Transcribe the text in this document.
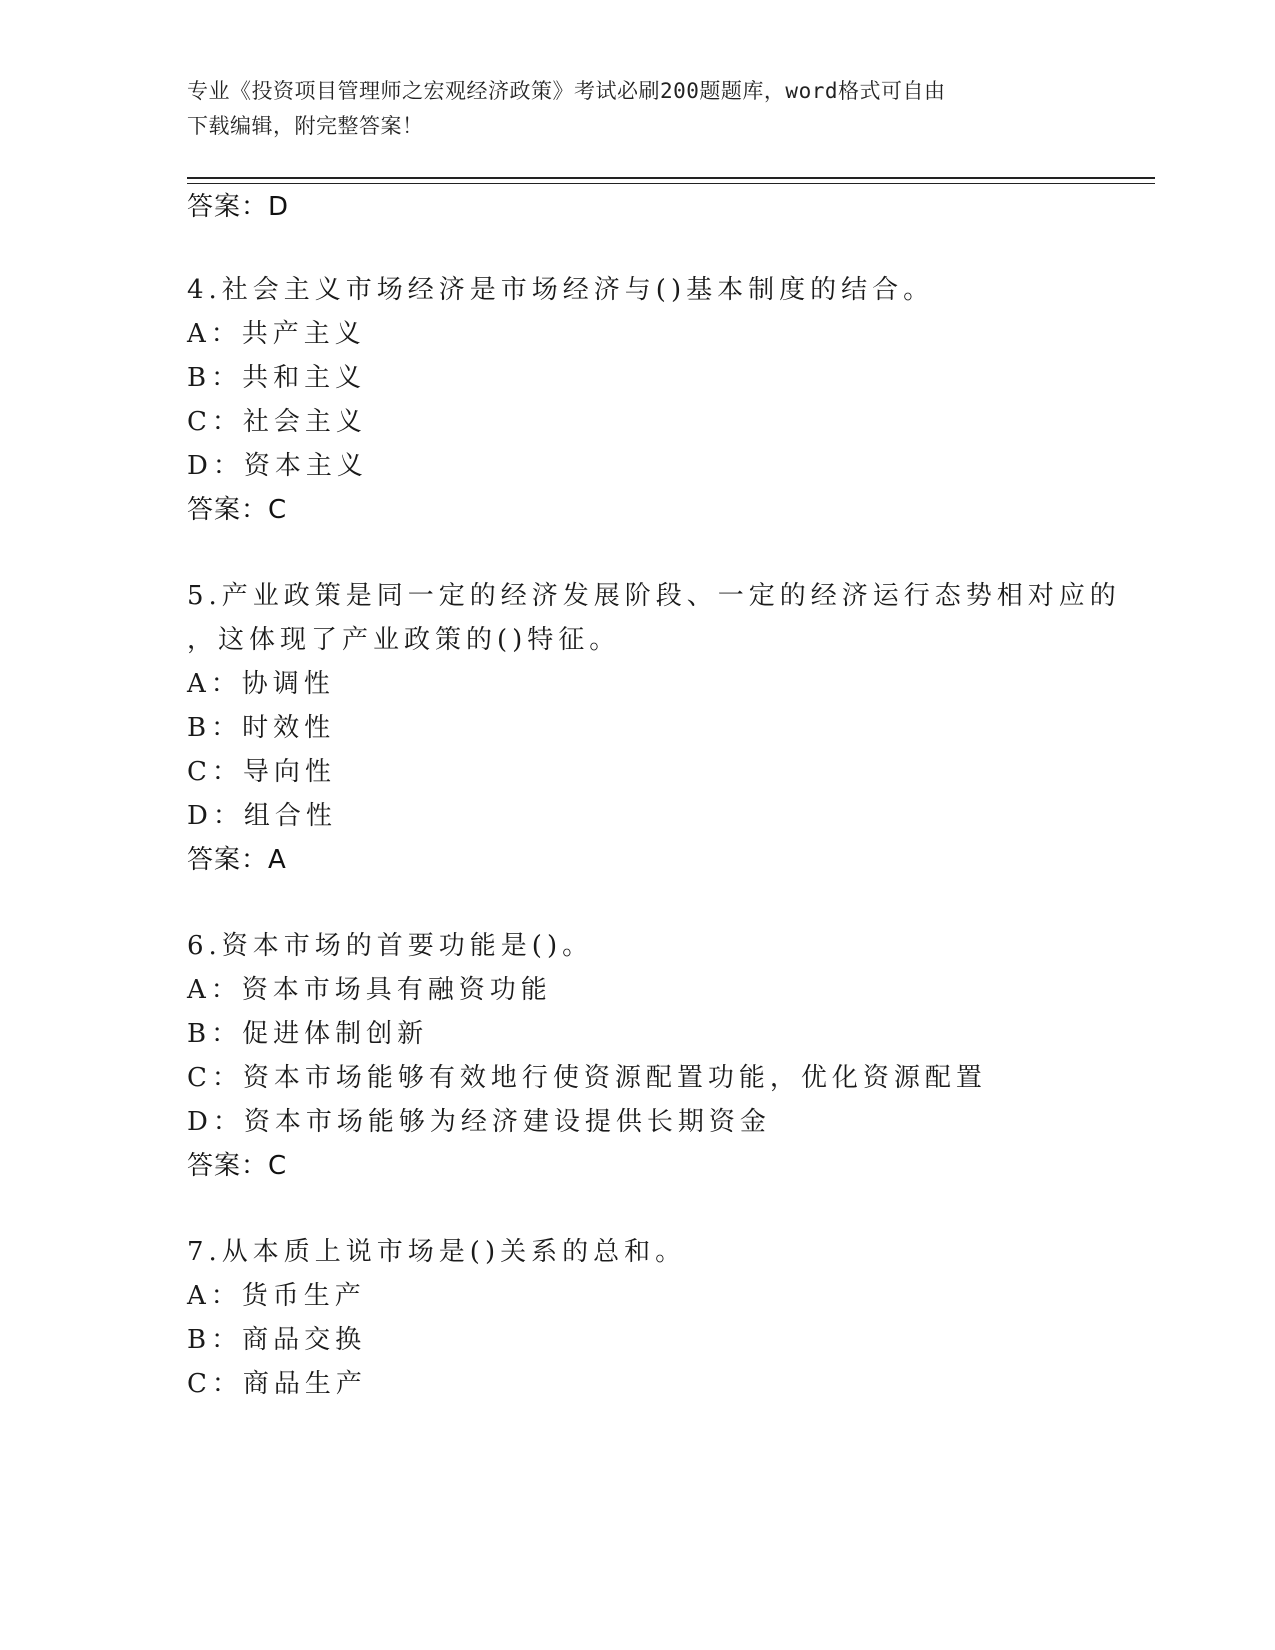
专业《投资项目管理师之宏观经济政策》考试必刷200题题库，word格式可自由
下载编辑，附完整答案！
答案：D
4.社会主义市场经济是市场经济与()基本制度的结合。
A：共产主义
B：共和主义
C：社会主义
D：资本主义
答案：C
5.产业政策是同一定的经济发展阶段、一定的经济运行态势相对应的
，这体现了产业政策的()特征。
A：协调性
B：时效性
C：导向性
D：组合性
答案：A
6.资本市场的首要功能是()。
A：资本市场具有融资功能
B：促进体制创新
C：资本市场能够有效地行使资源配置功能，优化资源配置
D：资本市场能够为经济建设提供长期资金
答案：C
7.从本质上说市场是()关系的总和。
A：货币生产
B：商品交换
C：商品生产
